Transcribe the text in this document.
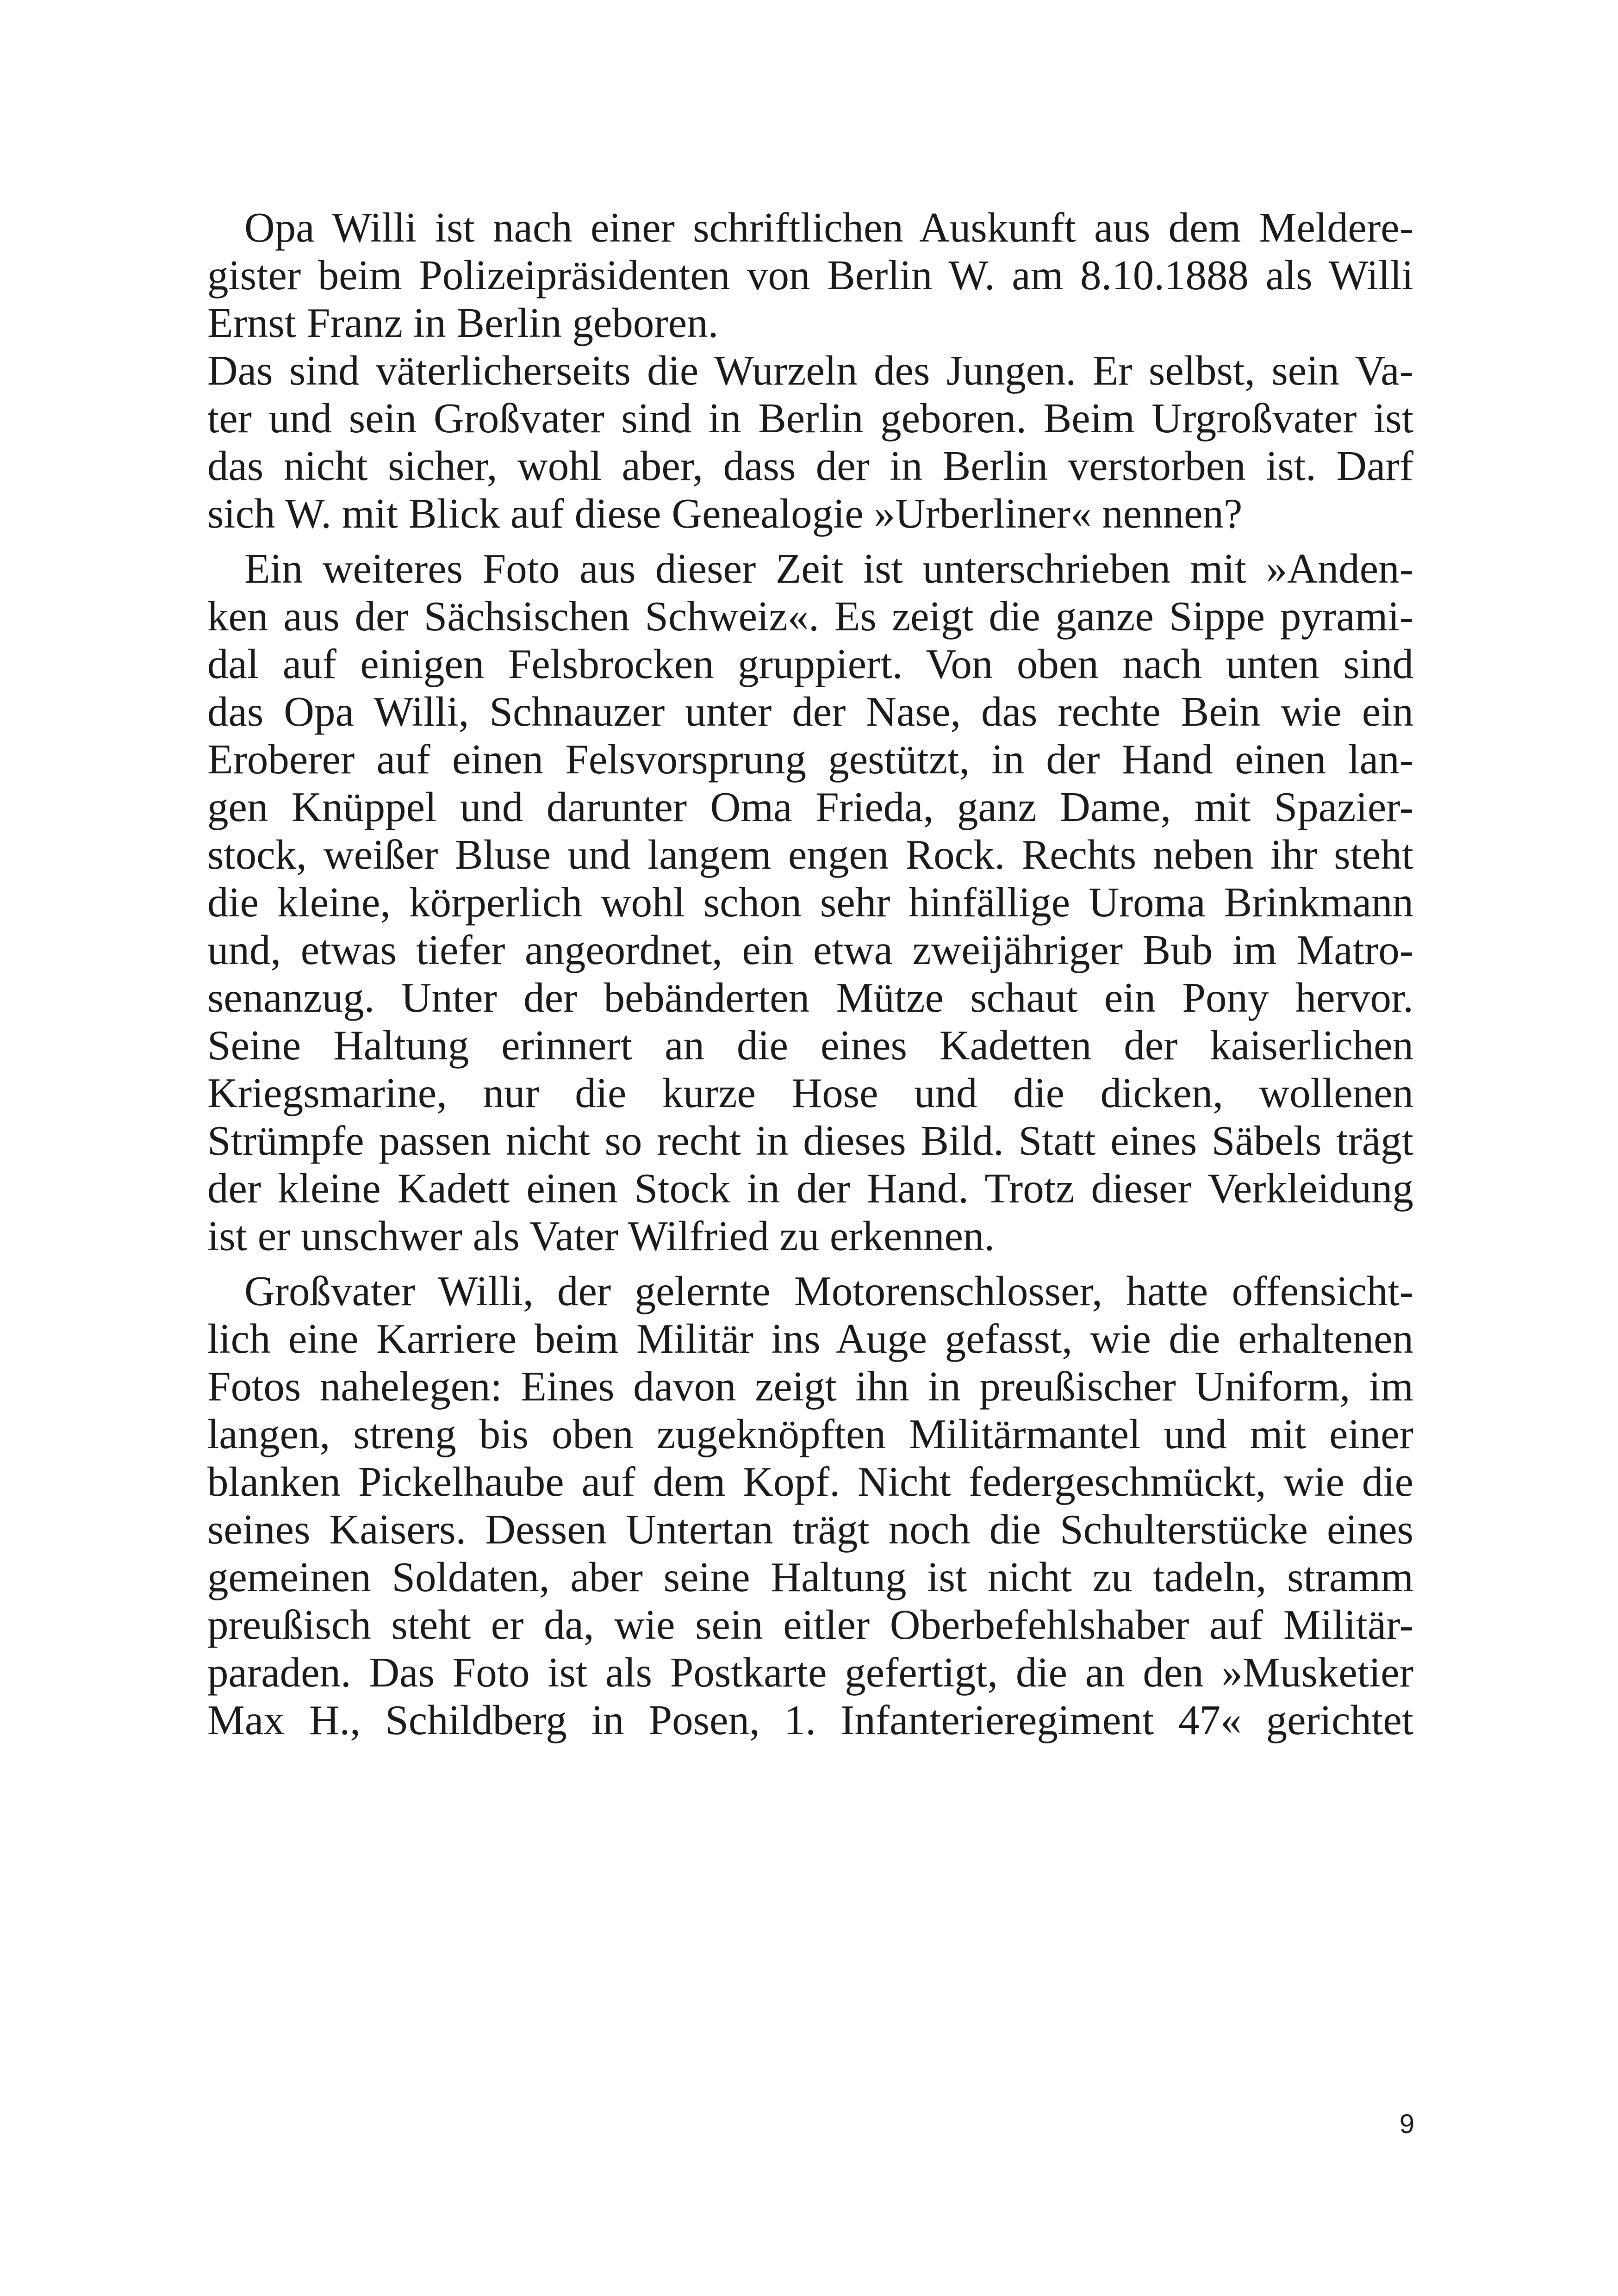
Opa Willi ist nach einer schriftlichen Auskunft aus dem Meldere-
gister beim Polizeipräsidenten von Berlin W. am 8.10.1888 als Willi
Ernst Franz in Berlin geboren.
Das sind väterlicherseits die Wurzeln des Jungen. Er selbst, sein Va-
ter und sein Großvater sind in Berlin geboren. Beim Urgroßvater ist
das nicht sicher, wohl aber, dass der in Berlin verstorben ist. Darf
sich W. mit Blick auf diese Genealogie »Urberliner« nennen?
Ein weiteres Foto aus dieser Zeit ist unterschrieben mit »Anden-
ken aus der Sächsischen Schweiz«. Es zeigt die ganze Sippe pyrami-
dal auf einigen Felsbrocken gruppiert. Von oben nach unten sind
das Opa Willi, Schnauzer unter der Nase, das rechte Bein wie ein
Eroberer auf einen Felsvorsprung gestützt, in der Hand einen lan-
gen Knüppel und darunter Oma Frieda, ganz Dame, mit Spazier-
stock, weißer Bluse und langem engen Rock. Rechts neben ihr steht
die kleine, körperlich wohl schon sehr hinfällige Uroma Brinkmann
und, etwas tiefer angeordnet, ein etwa zweijähriger Bub im Matro-
senanzug. Unter der bebänderten Mütze schaut ein Pony hervor.
Seine Haltung erinnert an die eines Kadetten der kaiserlichen
Kriegsmarine, nur die kurze Hose und die dicken, wollenen
Strümpfe passen nicht so recht in dieses Bild. Statt eines Säbels trägt
der kleine Kadett einen Stock in der Hand. Trotz dieser Verkleidung
ist er unschwer als Vater Wilfried zu erkennen.
Großvater Willi, der gelernte Motorenschlosser, hatte offensicht-
lich eine Karriere beim Militär ins Auge gefasst, wie die erhaltenen
Fotos nahelegen: Eines davon zeigt ihn in preußischer Uniform, im
langen, streng bis oben zugeknöpften Militärmantel und mit einer
blanken Pickelhaube auf dem Kopf. Nicht federgeschmückt, wie die
seines Kaisers. Dessen Untertan trägt noch die Schulterstücke eines
gemeinen Soldaten, aber seine Haltung ist nicht zu tadeln, stramm
preußisch steht er da, wie sein eitler Oberbefehlshaber auf Militär-
paraden. Das Foto ist als Postkarte gefertigt, die an den »Musketier
Max H., Schildberg in Posen, 1. Infanterieregiment 47« gerichtet
9
